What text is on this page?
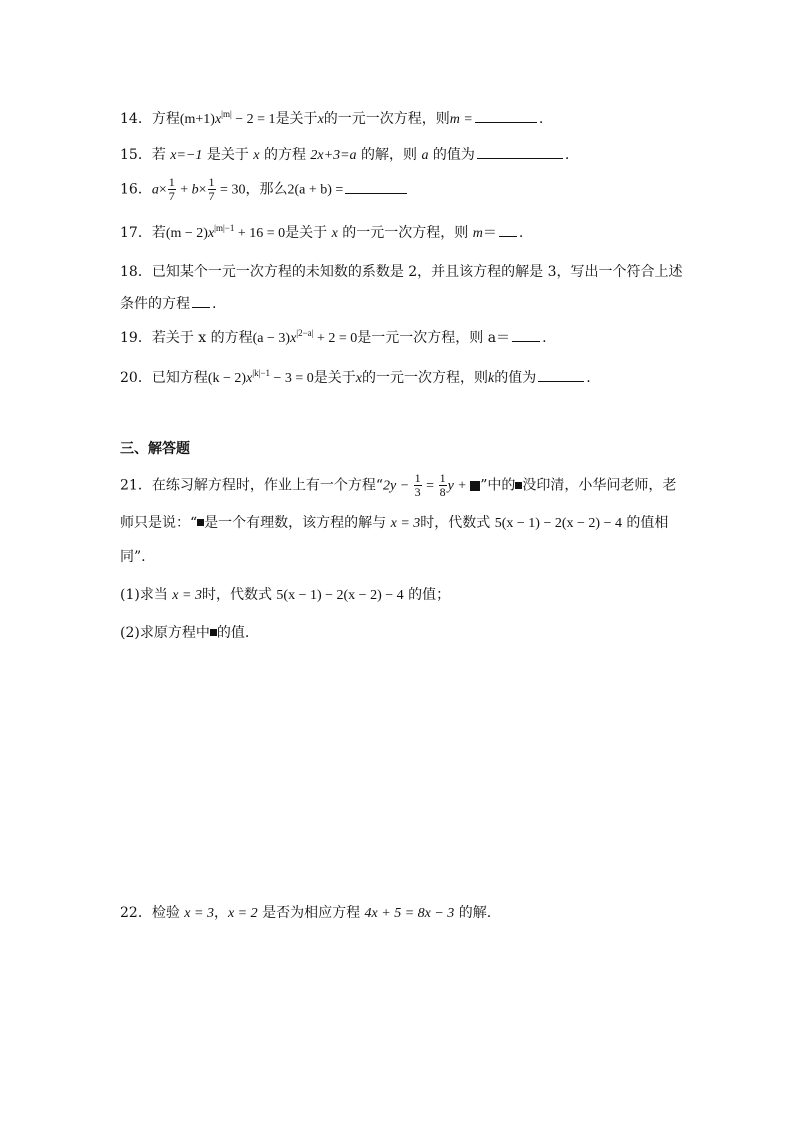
14．方程$(m+1)x^{|m|} - 2 = 1$是关于x的一元一次方程，则m =	.
15．若 x=−1 是关于 x 的方程 2x+3=a 的解，则 a 的值为	.
16．$a\times \frac{1}{7} + b\times \frac{1}{7} = 30$，那么2(a + b) =
17．若$(m - 2)x^{|m|-1} + 16 = 0$是关于 x 的一元一次方程，则 m＝ .
18．已知某个一元一次方程的未知数的系数是 2，并且该方程的解是 3，写出一个符合上述
条件的方程 .
19．若关于 x 的方程$(a - 3)x^{|2-a|} + 2 = 0$是一元一次方程，则 a＝ .
20．已知方程$(k - 2)x^{|k|-1} - 3 = 0$是关于x的一元一次方程，则k的值为	.
三、解答题
21．在练习解方程时，作业上有一个方程“$2y - \frac{1}{3} = \frac{1}{8}$ y + ”中的 没印清，小华问老师，老
师只是说：“ 是一个有理数，该方程的解与 x = 3时，代数式 5(x − 1) − 2(x − 2) − 4 的值相
同”.
(1)求当 x = 3时，代数式 5(x − 1) − 2(x − 2) − 4 的值；
(2)求原方程中 的值.
22．检验 x = 3，x = 2 是否为相应方程 4x + 5 = 8x − 3 的解.
